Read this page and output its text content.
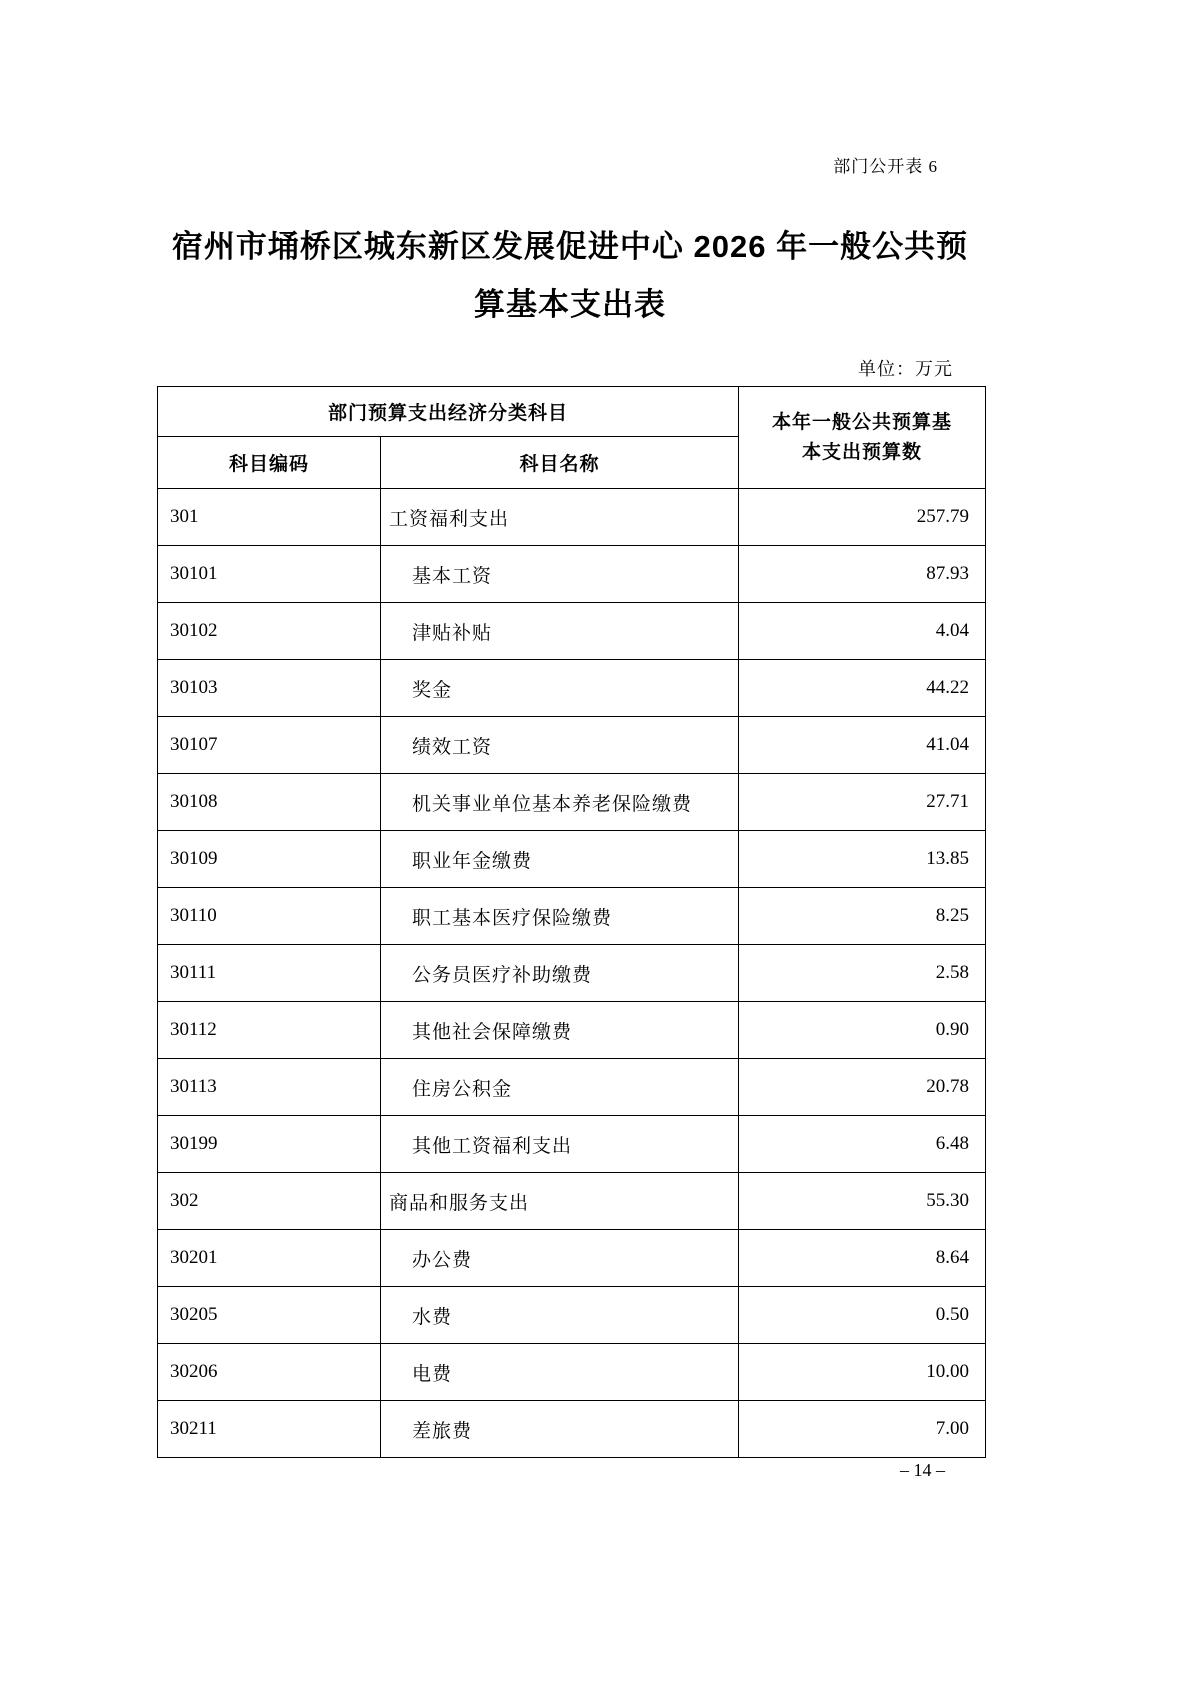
部门公开表 6
宿州市埇桥区城东新区发展促进中心 2026 年一般公共预
算基本支出表
单位：万元
部门预算支出经济分类科目		本年一般公共预算基本支出预算数
科目编码	科目名称	
301	工资福利支出	257.79
30101	基本工资	87.93
30102	津贴补贴	4.04
30103	奖金	44.22
30107	绩效工资	41.04
30108	机关事业单位基本养老保险缴费	27.71
30109	职业年金缴费	13.85
30110	职工基本医疗保险缴费	8.25
30111	公务员医疗补助缴费	2.58
30112	其他社会保障缴费	0.90
30113	住房公积金	20.78
30199	其他工资福利支出	6.48
302	商品和服务支出	55.30
30201	办公费	8.64
30205	水费	0.50
30206	电费	10.00
30211	差旅费	7.00
– 14 –
